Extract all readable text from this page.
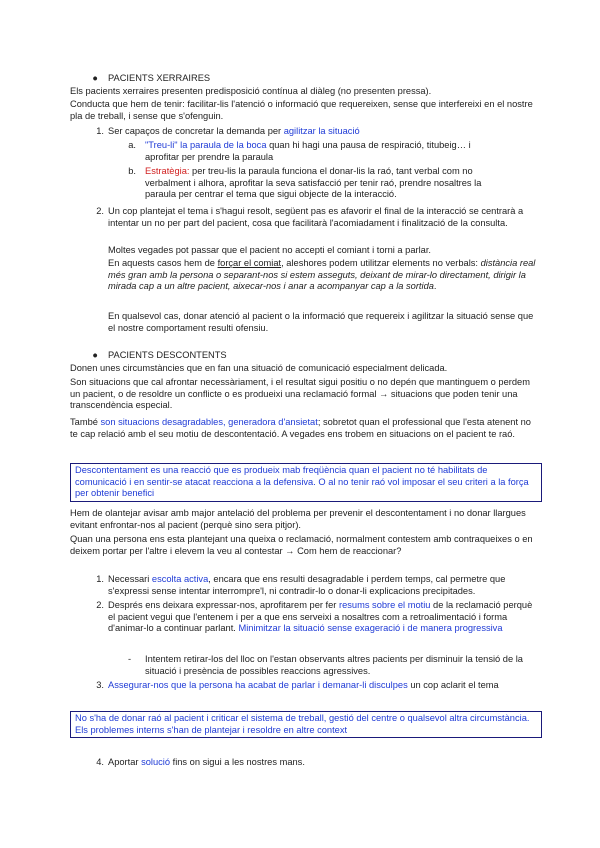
● PACIENTS XERRAIRES

Els pacients xerraires presenten predisposició contínua al diàleg (no presenten pressa).

Conducta que hem de tenir: facilitar-lis l'atenció o informació que requereixen, sense que interfereixi en el nostre pla de treball, i sense que s'ofenguin.

1. Ser capaços de concretar la demanda per agilitzar la situació

a. "Treu-li" la paraula de la boca quan hi hagi una pausa de respiració, titubeig… i aprofitar per prendre la paraula

b. Estratègia: per treu-lis la paraula funciona el donar-lis la raó, tant verbal com no verbalment i alhora, aprofitar la seva satisfacció per tenir raó, prendre nosaltres la paraula per centrar el tema que sigui objecte de la interacció.

2. Un cop plantejat el tema i s'hagui resolt, següent pas es afavorir el final de la interacció se centrarà a intentar un no per part del pacient, cosa que facilitarà l'acomiadament i finalització de la consulta.

Moltes vegades pot passar que el pacient no accepti el comiant i torni a parlar.

En aquests casos hem de forçar el comiat, aleshores podem utilitzar elements no verbals: distància real més gran amb la persona o separant-nos si estem asseguts, deixant de mirar-lo directament, dirigir la mirada cap a un altre pacient, aixecar-nos i anar a acompanyar cap a la sortida.

En qualsevol cas, donar atenció al pacient o la informació que requereix i agilitzar la situació sense que el nostre comportament resulti ofensiu.

● PACIENTS DESCONTENTS

Donen unes circumstàncies que en fan una situació de comunicació especialment delicada.

Son situacions que cal afrontar necessàriament, i el resultat sigui positiu o no depén que mantinguem o perdem un pacient, o de resoldre un conflicte o es produeixi una reclamació formal → situacions que poden tenir una transcendència especial.

També son situacions desagradables, generadora d'ansietat; sobretot quan el professional que l'esta atenent no te cap relació amb el seu motiu de descontentació. A vegades ens trobem en situacions on el pacient te raó.

Descontentament es una reacció que es produeix mab freqüència quan el pacient no té habilitats de comunicació i en sentir-se atacat reacciona a la defensiva. O al no tenir raó vol imposar el seu criteri a la força per obtenir benefici

Hem de olantejar avisar amb major antelació del problema per prevenir el descontentament i no donar llargues evitant enfrontar-nos al pacient (perquè sino sera pitjor).

Quan una persona ens esta plantejant una queixa o reclamació, normalment contestem amb contraqueixes o en deixem portar per l'altre i elevem la veu al contestar → Com hem de reaccionar?

1. Necessari escolta activa, encara que ens resulti desagradable i perdem temps, cal permetre que s'expressi sense intentar interrompre'l, ni contradir-lo o donar-li explicacions precipitades.

2. Després ens deixara expressar-nos, aprofitarem per fer resums sobre el motiu de la reclamació perquè el pacient vegui que l'entenem i per a que ens serveixi a nosaltres com a retroalimentació i forma d'animar-lo a continuar parlant. Minimitzar la situació sense exageració i de manera progressiva

-	Intentem retirar-los del lloc on l'estan observants altres pacients per disminuir la tensió de la situació i presència de possibles reaccions agressives.

3. Assegurar-nos que la persona ha acabat de parlar i demanar-li disculpes un cop aclarit el tema

No s'ha de donar raó al pacient i criticar el sistema de treball, gestió del centre o qualsevol altra circumstància. Els problemes interns s'han de plantejar i resoldre en altre context
4. Aportar solució fins on sigui a les nostres mans.
